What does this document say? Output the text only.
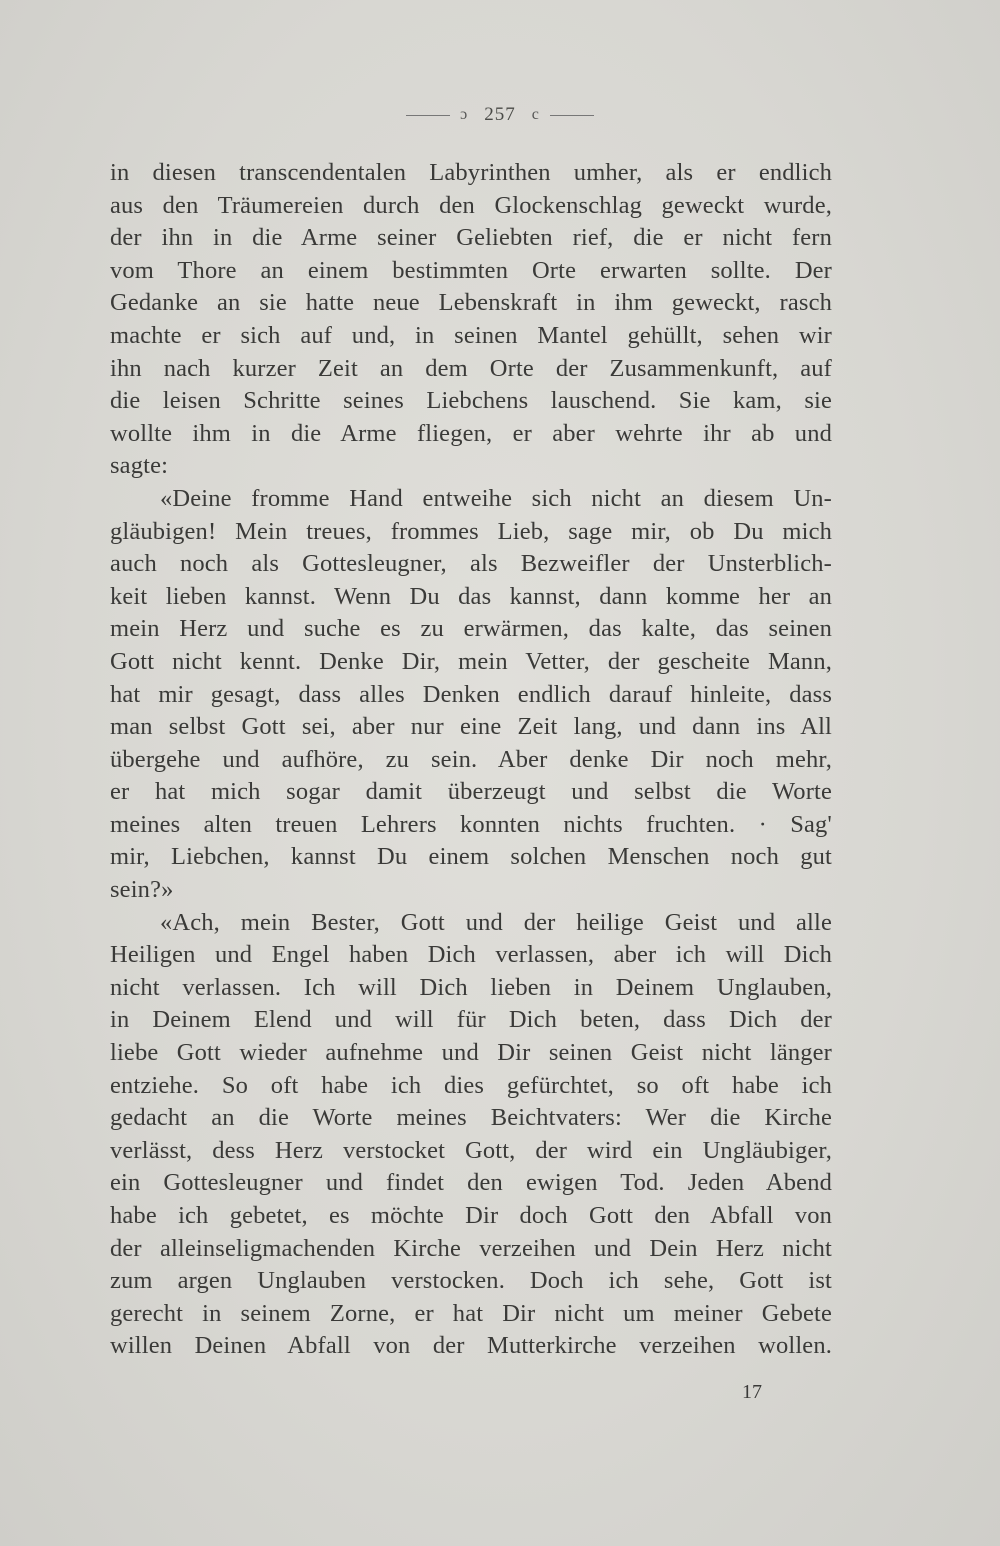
ɔ 257 c
in diesen transcendentalen Labyrinthen umher, als er endlich
aus den Träumereien durch den Glockenschlag geweckt wurde,
der ihn in die Arme seiner Geliebten rief, die er nicht fern
vom Thore an einem bestimmten Orte erwarten sollte. Der
Gedanke an sie hatte neue Lebenskraft in ihm geweckt, rasch
machte er sich auf und, in seinen Mantel gehüllt, sehen wir
ihn nach kurzer Zeit an dem Orte der Zusammenkunft, auf
die leisen Schritte seines Liebchens lauschend. Sie kam, sie
wollte ihm in die Arme fliegen, er aber wehrte ihr ab und
sagte:
«Deine fromme Hand entweihe sich nicht an diesem Un-
gläubigen! Mein treues, frommes Lieb, sage mir, ob Du mich
auch noch als Gottesleugner, als Bezweifler der Unsterblich-
keit lieben kannst. Wenn Du das kannst, dann komme her an
mein Herz und suche es zu erwärmen, das kalte, das seinen
Gott nicht kennt. Denke Dir, mein Vetter, der gescheite Mann,
hat mir gesagt, dass alles Denken endlich darauf hinleite, dass
man selbst Gott sei, aber nur eine Zeit lang, und dann ins All
übergehe und aufhöre, zu sein. Aber denke Dir noch mehr,
er hat mich sogar damit überzeugt und selbst die Worte
meines alten treuen Lehrers konnten nichts fruchten. · Sag'
mir, Liebchen, kannst Du einem solchen Menschen noch gut
sein?»
«Ach, mein Bester, Gott und der heilige Geist und alle
Heiligen und Engel haben Dich verlassen, aber ich will Dich
nicht verlassen. Ich will Dich lieben in Deinem Unglauben,
in Deinem Elend und will für Dich beten, dass Dich der
liebe Gott wieder aufnehme und Dir seinen Geist nicht länger
entziehe. So oft habe ich dies gefürchtet, so oft habe ich
gedacht an die Worte meines Beichtvaters: Wer die Kirche
verlässt, dess Herz verstocket Gott, der wird ein Ungläubiger,
ein Gottesleugner und findet den ewigen Tod. Jeden Abend
habe ich gebetet, es möchte Dir doch Gott den Abfall von
der alleinseligmachenden Kirche verzeihen und Dein Herz nicht
zum argen Unglauben verstocken. Doch ich sehe, Gott ist
gerecht in seinem Zorne, er hat Dir nicht um meiner Gebete
willen Deinen Abfall von der Mutterkirche verzeihen wollen.
17
